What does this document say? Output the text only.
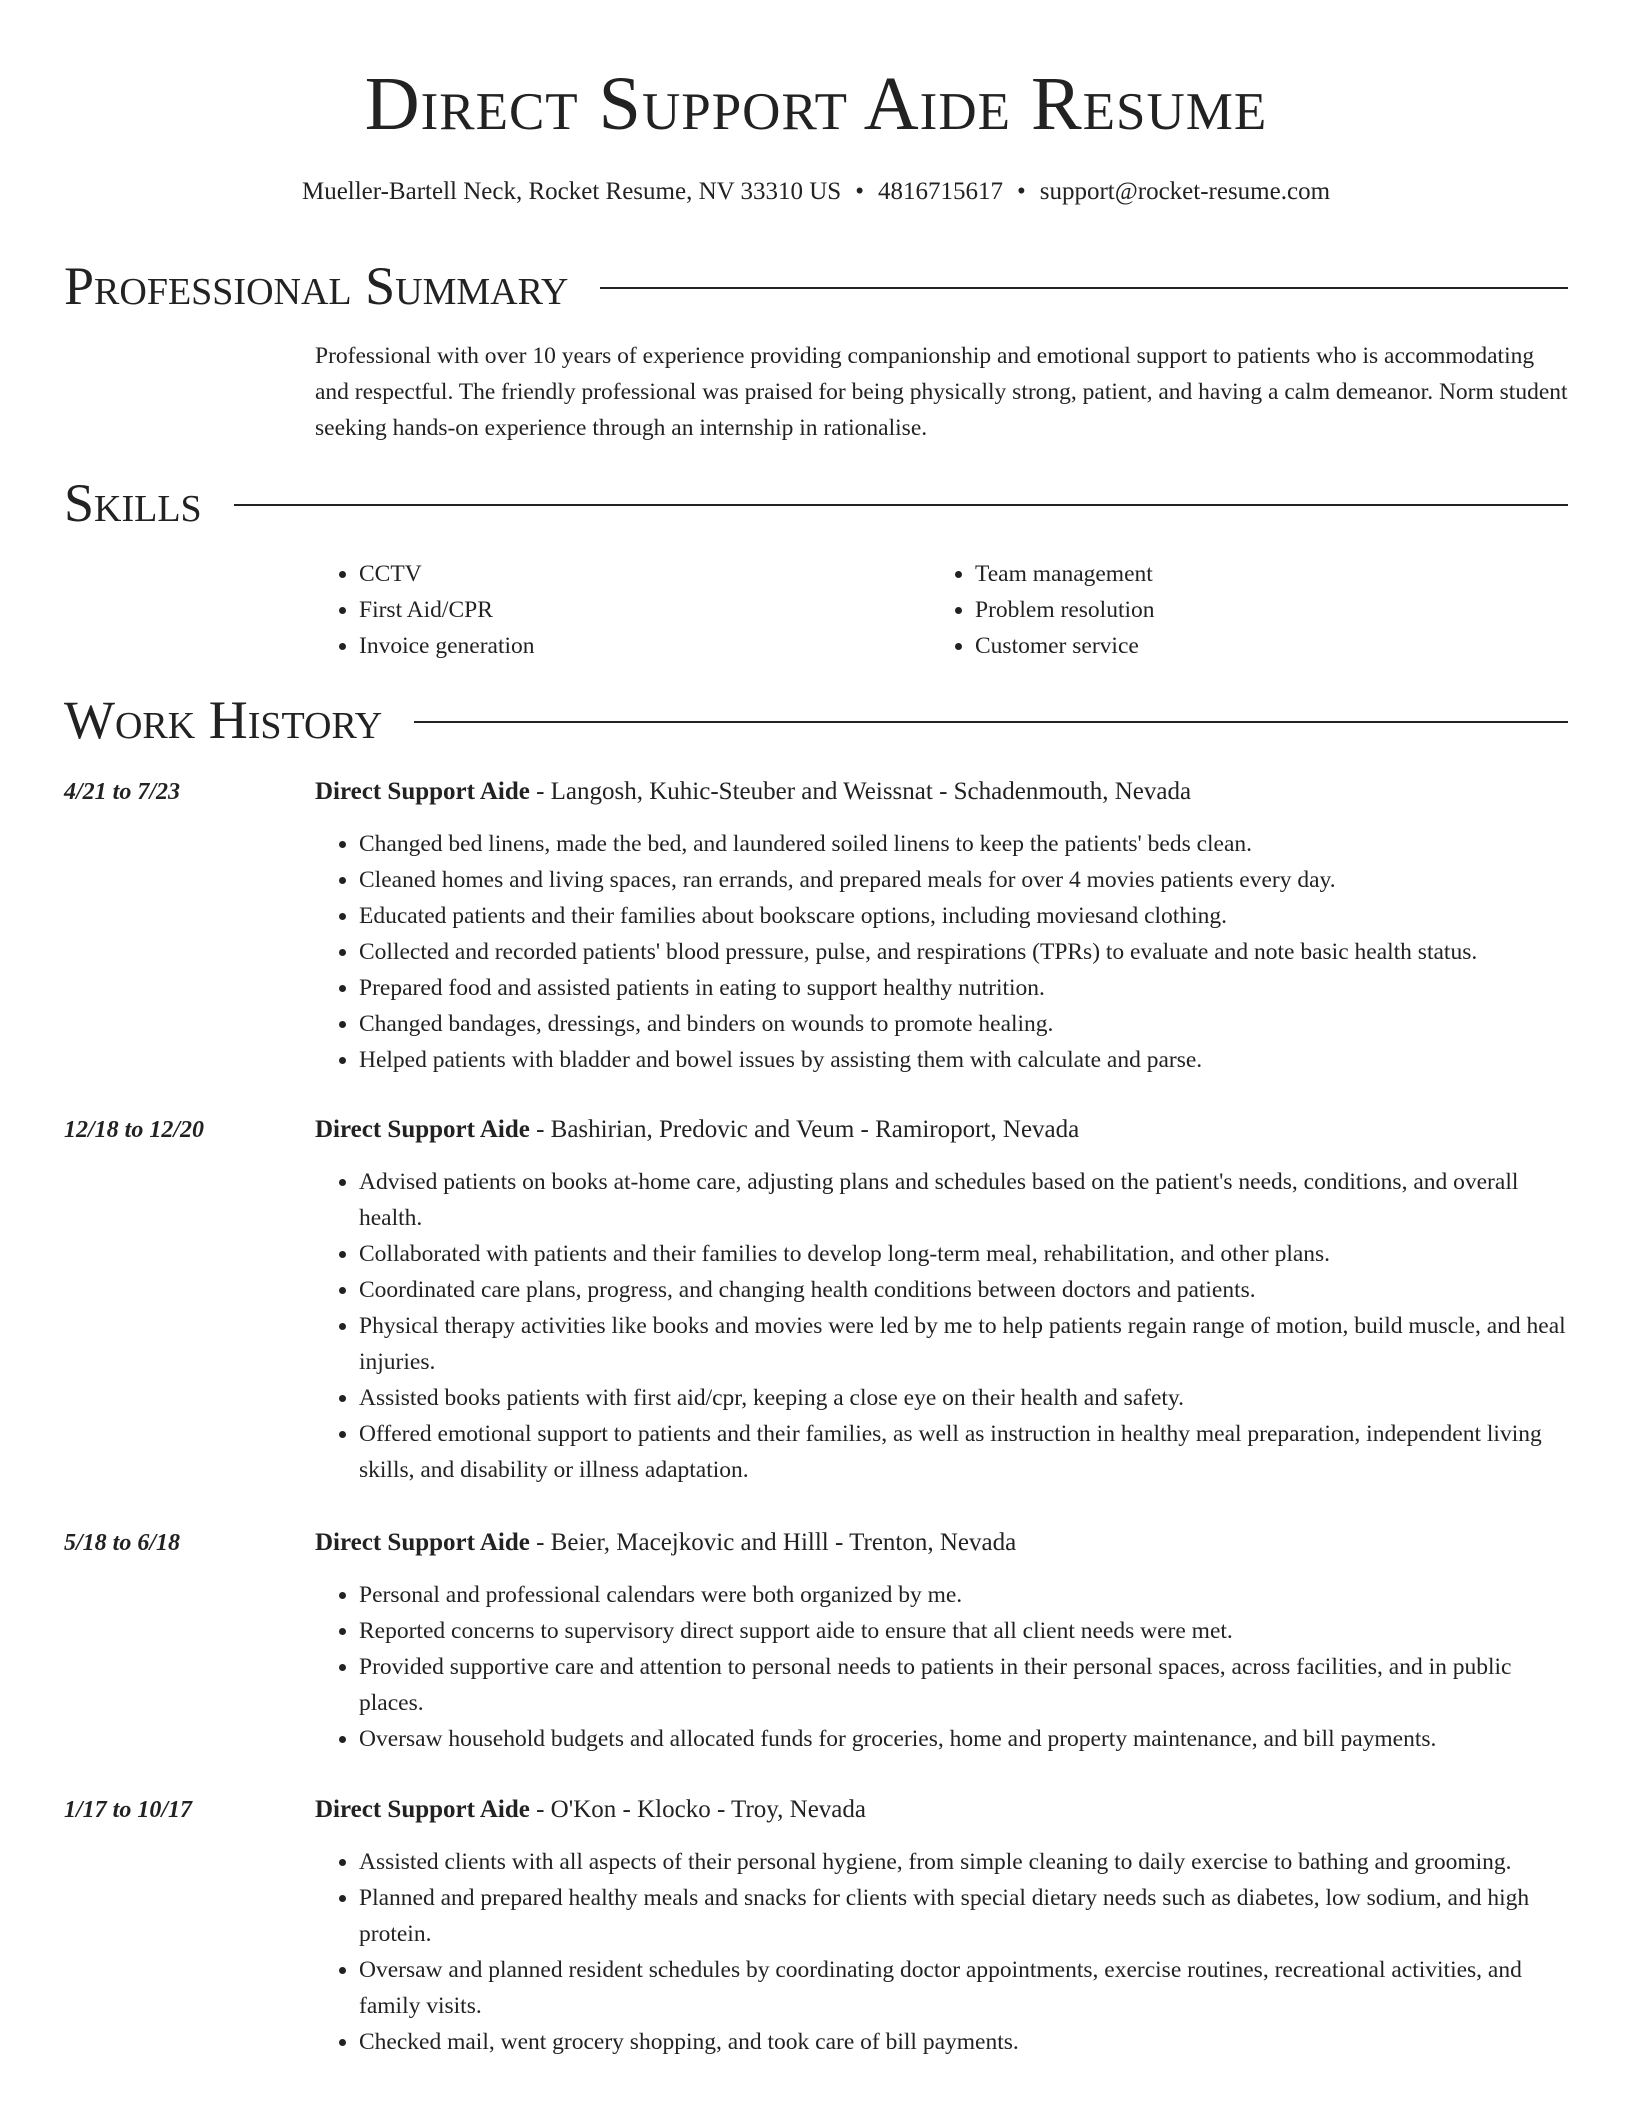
Direct Support Aide Resume
Mueller-Bartell Neck, Rocket Resume, NV 33310 US • 4816715617 • support@rocket-resume.com
Professional Summary

Professional with over 10 years of experience providing companionship and emotional support to patients who is accommodating and respectful. The friendly professional was praised for being physically strong, patient, and having a calm demeanor. Norm student seeking hands-on experience through an internship in rationalise.

Skills
• CCTV
• First Aid/CPR
• Invoice generation
• Team management
• Problem resolution
• Customer service
Work History
4/21 to 7/23	Direct Support Aide - Langosh, Kuhic-Steuber and Weissnat - Schadenmouth, Nevada
• Changed bed linens, made the bed, and laundered soiled linens to keep the patients' beds clean.
• Cleaned homes and living spaces, ran errands, and prepared meals for over 4 movies patients every day.
• Educated patients and their families about bookscare options, including moviesand clothing.
• Collected and recorded patients' blood pressure, pulse, and respirations (TPRs) to evaluate and note basic health status.
• Prepared food and assisted patients in eating to support healthy nutrition.
• Changed bandages, dressings, and binders on wounds to promote healing.
• Helped patients with bladder and bowel issues by assisting them with calculate and parse.
12/18 to 12/20	Direct Support Aide - Bashirian, Predovic and Veum - Ramiroport, Nevada
• Advised patients on books at-home care, adjusting plans and schedules based on the patient's needs, conditions, and overall health.
• Collaborated with patients and their families to develop long-term meal, rehabilitation, and other plans.
• Coordinated care plans, progress, and changing health conditions between doctors and patients.
• Physical therapy activities like books and movies were led by me to help patients regain range of motion, build muscle, and heal injuries.
• Assisted books patients with first aid/cpr, keeping a close eye on their health and safety.
• Offered emotional support to patients and their families, as well as instruction in healthy meal preparation, independent living skills, and disability or illness adaptation.
5/18 to 6/18	Direct Support Aide - Beier, Macejkovic and Hilll - Trenton, Nevada
• Personal and professional calendars were both organized by me.
• Reported concerns to supervisory direct support aide to ensure that all client needs were met.
• Provided supportive care and attention to personal needs to patients in their personal spaces, across facilities, and in public places.
• Oversaw household budgets and allocated funds for groceries, home and property maintenance, and bill payments.
1/17 to 10/17	Direct Support Aide - O'Kon - Klocko - Troy, Nevada
• Assisted clients with all aspects of their personal hygiene, from simple cleaning to daily exercise to bathing and grooming.
• Planned and prepared healthy meals and snacks for clients with special dietary needs such as diabetes, low sodium, and high protein.
• Oversaw and planned resident schedules by coordinating doctor appointments, exercise routines, recreational activities, and family visits.
• Checked mail, went grocery shopping, and took care of bill payments.
